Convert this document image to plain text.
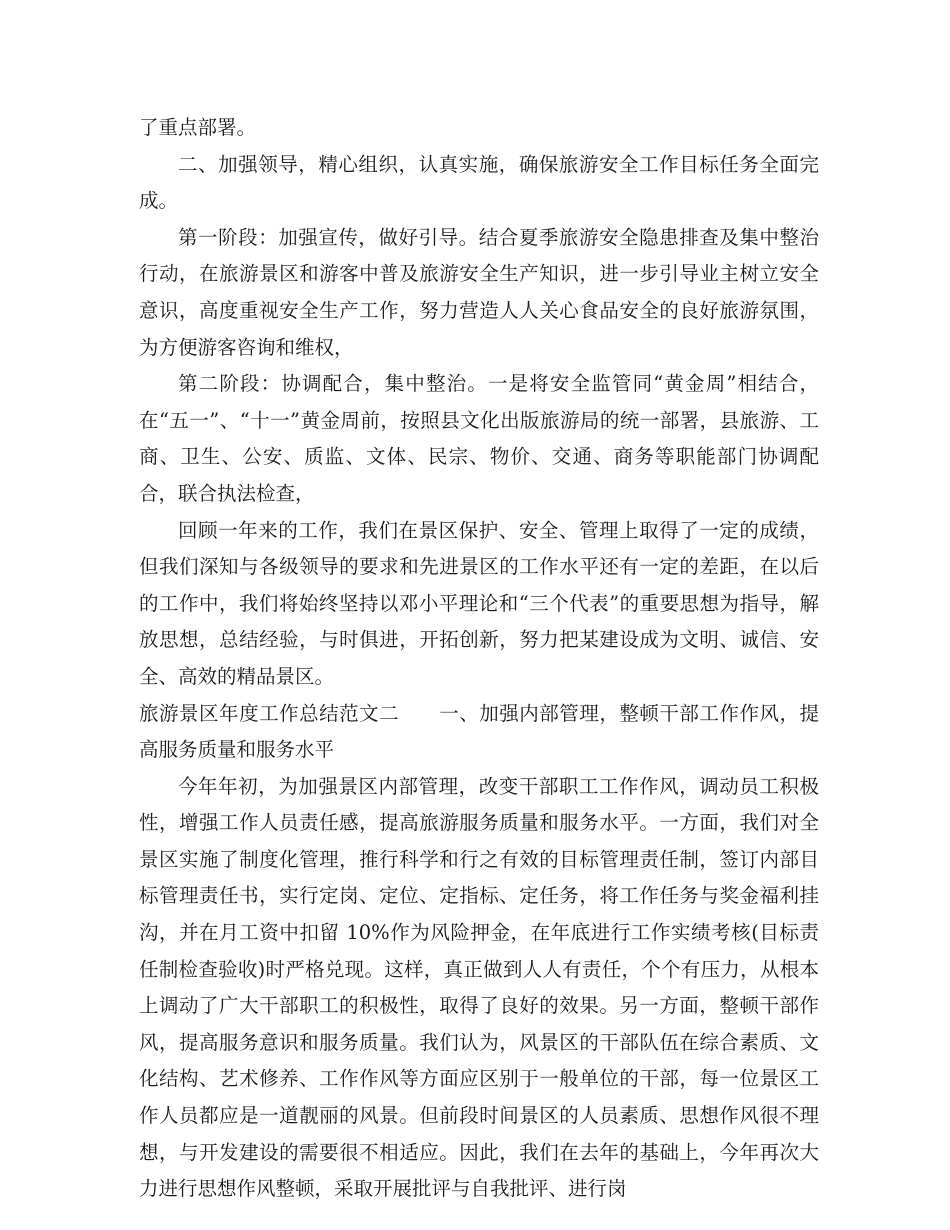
了重点部署。

二、加强领导，精心组织，认真实施，确保旅游安全工作目标任务全面完成。

第一阶段：加强宣传，做好引导。结合夏季旅游安全隐患排查及集中整治行动，在旅游景区和游客中普及旅游安全生产知识，进一步引导业主树立安全意识，高度重视安全生产工作，努力营造人人关心食品安全的良好旅游氛围，为方便游客咨询和维权，

第二阶段：协调配合，集中整治。一是将安全监管同“黄金周”相结合，在“五一”、“十一”黄金周前，按照县文化出版旅游局的统一部署，县旅游、工商、卫生、公安、质监、文体、民宗、物价、交通、商务等职能部门协调配合，联合执法检查，

回顾一年来的工作，我们在景区保护、安全、管理上取得了一定的成绩，但我们深知与各级领导的要求和先进景区的工作水平还有一定的差距，在以后的工作中，我们将始终坚持以邓小平理论和“三个代表”的重要思想为指导，解放思想，总结经验，与时俱进，开拓创新，努力把某建设成为文明、诚信、安全、高效的精品景区。

旅游景区年度工作总结范文二　　一、加强内部管理，整顿干部工作作风，提高服务质量和服务水平

今年年初，为加强景区内部管理，改变干部职工工作作风，调动员工积极性，增强工作人员责任感，提高旅游服务质量和服务水平。一方面，我们对全景区实施了制度化管理，推行科学和行之有效的目标管理责任制，签订内部目标管理责任书，实行定岗、定位、定指标、定任务，将工作任务与奖金福利挂沟，并在月工资中扣留 10%作为风险押金，在年底进行工作实绩考核(目标责任制检查验收)时严格兑现。这样，真正做到人人有责任，个个有压力，从根本上调动了广大干部职工的积极性，取得了良好的效果。另一方面，整顿干部作风，提高服务意识和服务质量。我们认为，风景区的干部队伍在综合素质、文化结构、艺术修养、工作作风等方面应区别于一般单位的干部，每一位景区工作人员都应是一道靓丽的风景。但前段时间景区的人员素质、思想作风很不理想，与开发建设的需要很不相适应。因此，我们在去年的基础上，今年再次大力进行思想作风整顿，采取开展批评与自我批评、进行岗
